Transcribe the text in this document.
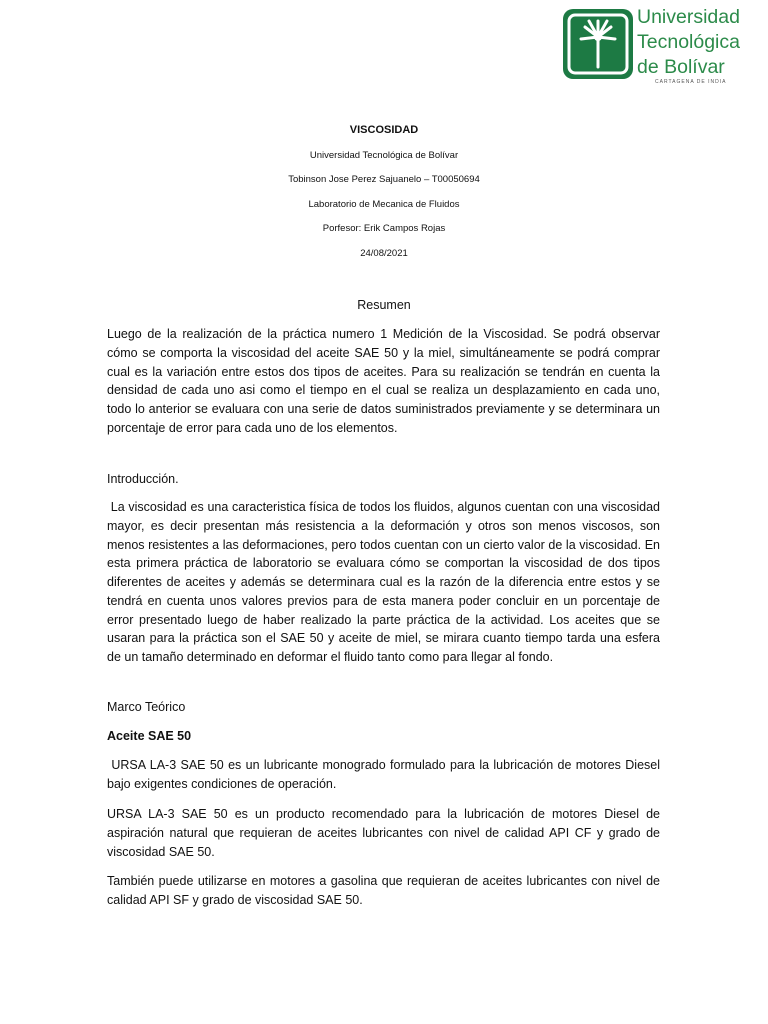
Universidad
Tecnológica
de Bolívar
CARTAGENA DE INDIA
VISCOSIDAD
Universidad Tecnológica de Bolívar
Tobinson Jose Perez Sajuanelo – T00050694
Laboratorio de Mecanica de Fluidos
Porfesor: Erik Campos Rojas
24/08/2021
Resumen
Luego de la realización de la práctica numero 1 Medición de la Viscosidad. Se podrá observar cómo se comporta la viscosidad del aceite SAE 50 y la miel, simultáneamente se podrá comprar cual es la variación entre estos dos tipos de aceites. Para su realización se tendrán en cuenta la densidad de cada uno asi como el tiempo en el cual se realiza un desplazamiento en cada uno, todo lo anterior se evaluara con una serie de datos suministrados previamente y se determinara un porcentaje de error para cada uno de los elementos.
Introducción.
La viscosidad es una caracteristica física de todos los fluidos, algunos cuentan con una viscosidad mayor, es decir presentan más resistencia a la deformación y otros son menos viscosos, son menos resistentes a las deformaciones, pero todos cuentan con un cierto valor de la viscosidad. En esta primera práctica de laboratorio se evaluara cómo se comportan la viscosidad de dos tipos diferentes de aceites y además se determinara cual es la razón de la diferencia entre estos y se tendrá en cuenta unos valores previos para de esta manera poder concluir en un porcentaje de error presentado luego de haber realizado la parte práctica de la actividad. Los aceites que se usaran para la práctica son el SAE 50 y aceite de miel, se mirara cuanto tiempo tarda una esfera de un tamaño determinado en deformar el fluido tanto como para llegar al fondo.
Marco Teórico
Aceite SAE 50
URSA LA-3 SAE 50 es un lubricante monogrado formulado para la lubricación de motores Diesel bajo exigentes condiciones de operación.
URSA LA-3 SAE 50 es un producto recomendado para la lubricación de motores Diesel de aspiración natural que requieran de aceites lubricantes con nivel de calidad API CF y grado de viscosidad SAE 50.
También puede utilizarse en motores a gasolina que requieran de aceites lubricantes con nivel de calidad API SF y grado de viscosidad SAE 50.
